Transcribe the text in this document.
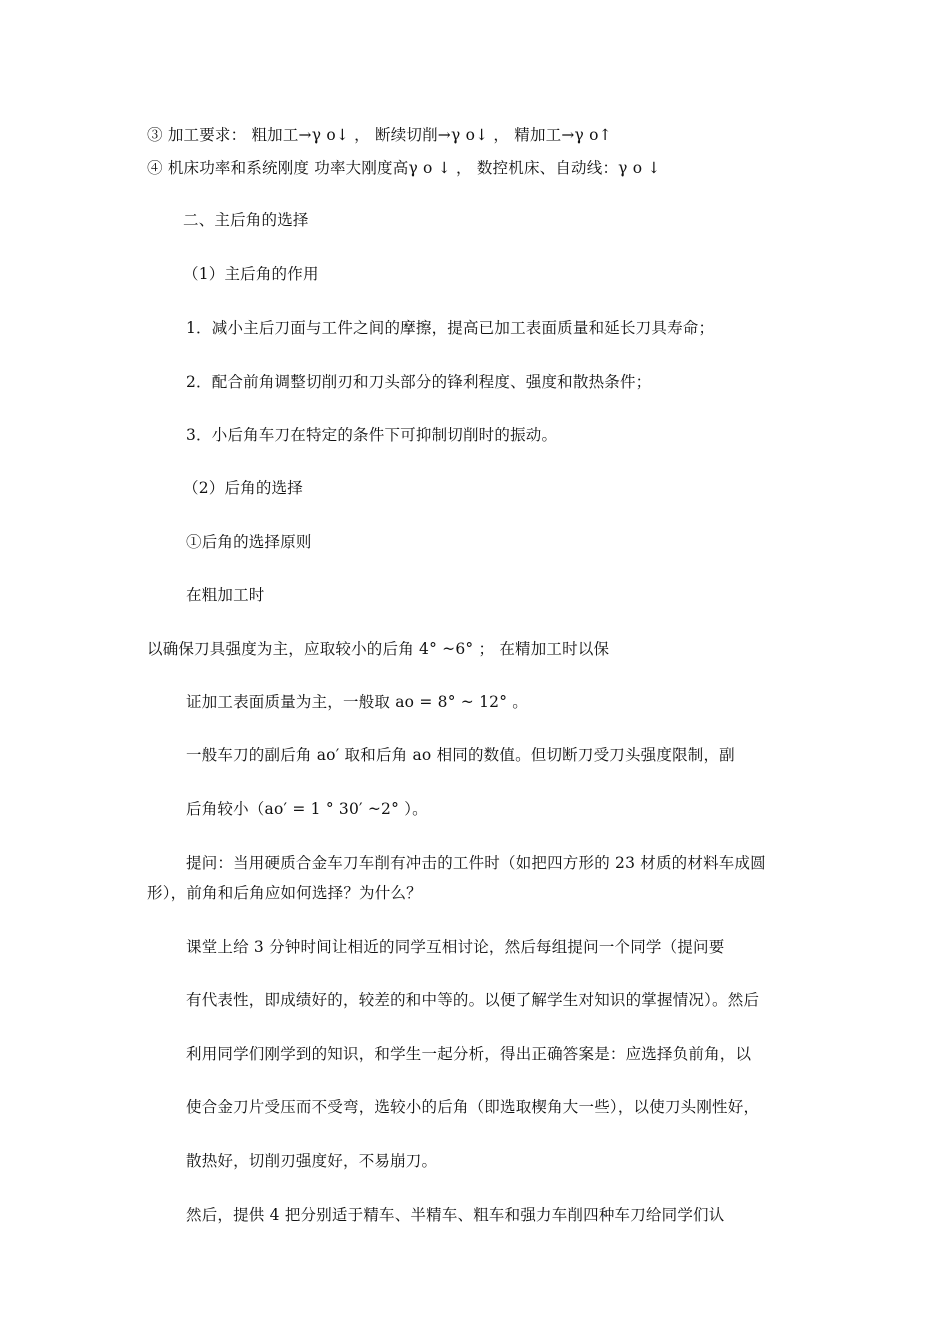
③ 加工要求： 粗加工→γ o↓ ， 断续切削→γ o↓ ， 精加工→γ o↑
④ 机床功率和系统刚度 功率大刚度高γ o ↓ ， 数控机床、自动线：γ o ↓
二、主后角的选择
（1）主后角的作用
1．减小主后刀面与工件之间的摩擦，提高已加工表面质量和延长刀具寿命；
2．配合前角调整切削刃和刀头部分的锋利程度、强度和散热条件；
3．小后角车刀在特定的条件下可抑制切削时的振动。
（2）后角的选择
①后角的选择原则
在粗加工时
以确保刀具强度为主，应取较小的后角 4° ~6° ； 在精加工时以保
证加工表面质量为主，一般取 ao = 8° ~ 12° 。
一般车刀的副后角 ao′ 取和后角 ao 相同的数值。但切断刀受刀头强度限制，副
后角较小（ao′ = 1 ° 30′ ~2° ）。
提问：当用硬质合金车刀车削有冲击的工件时（如把四方形的 23 材质的材料车成圆
形），前角和后角应如何选择？为什么？
课堂上给 3 分钟时间让相近的同学互相讨论，然后每组提问一个同学（提问要
有代表性，即成绩好的，较差的和中等的。以便了解学生对知识的掌握情况）。然后
利用同学们刚学到的知识，和学生一起分析，得出正确答案是：应选择负前角，以
使合金刀片受压而不受弯，选较小的后角（即选取楔角大一些），以使刀头刚性好，
散热好，切削刃强度好，不易崩刀。
然后，提供 4 把分别适于精车、半精车、粗车和强力车削四种车刀给同学们认
